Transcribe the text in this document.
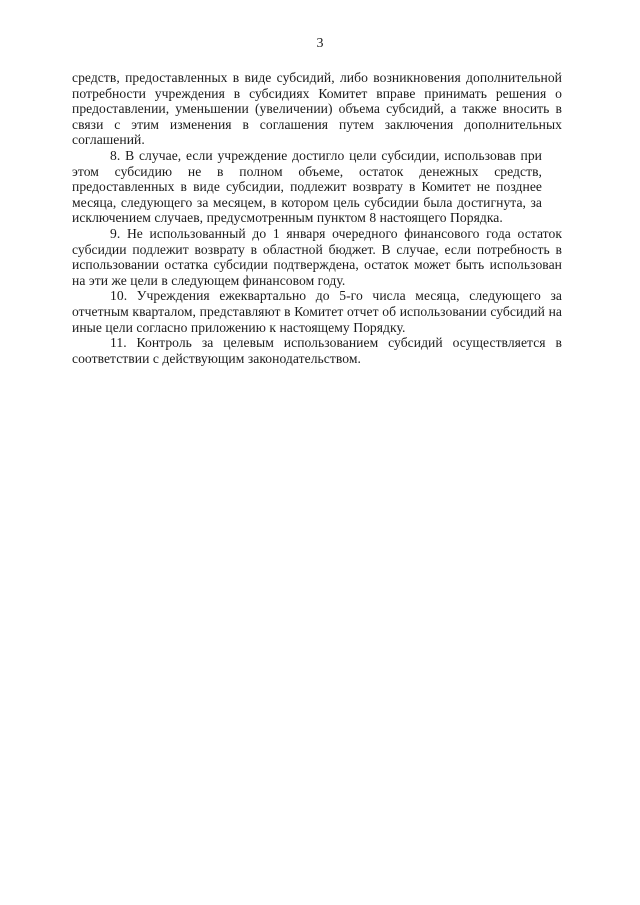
3

средств, предоставленных в виде субсидий, либо возникновения дополнительной потребности учреждения в субсидиях Комитет вправе принимать решения о предоставлении, уменьшении (увеличении) объема субсидий, а также вносить в связи с этим изменения в соглашения путем заключения дополнительных соглашений.

8. В случае, если учреждение достигло цели субсидии, использовав при этом субсидию не в полном объеме, остаток денежных средств, предоставленных в виде субсидии, подлежит возврату в Комитет не позднее месяца, следующего за месяцем, в котором цель субсидии была достигнута, за исключением случаев, предусмотренным пунктом 8 настоящего Порядка.

9. Не использованный до 1 января очередного финансового года остаток субсидии подлежит возврату в областной бюджет. В случае, если потребность в использовании остатка субсидии подтверждена, остаток может быть использован на эти же цели в следующем финансовом году.

10. Учреждения ежеквартально до 5-го числа месяца, следующего за отчетным кварталом, представляют в Комитет отчет об использовании субсидий на иные цели согласно приложению к настоящему Порядку.

11. Контроль за целевым использованием субсидий осуществляется в соответствии с действующим законодательством.
